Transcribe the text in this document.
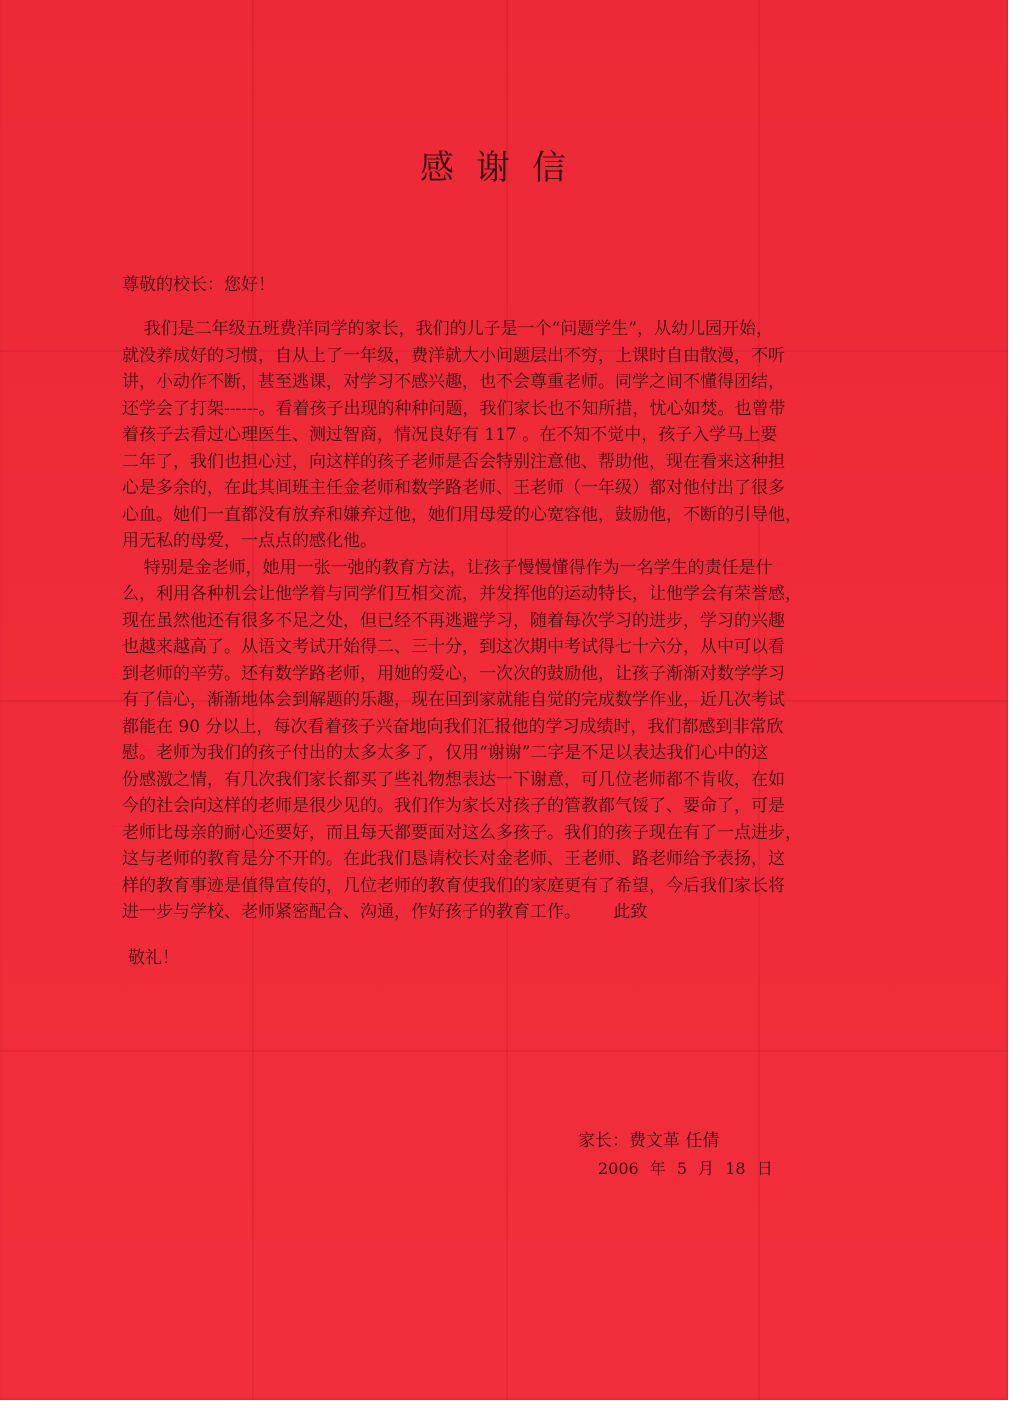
感谢信
尊敬的校长：您好！
我们是二年级五班费洋同学的家长，我们的儿子是一个“问题学生”，从幼儿园开始，
就没养成好的习惯，自从上了一年级，费洋就大小问题层出不穷，上课时自由散漫，不听
讲，小动作不断，甚至逃课，对学习不感兴趣，也不会尊重老师。同学之间不懂得团结，
还学会了打架------。看着孩子出现的种种问题，我们家长也不知所措，忧心如焚。也曾带
着孩子去看过心理医生、测过智商，情况良好有 117 。在不知不觉中，孩子入学马上要
二年了，我们也担心过，向这样的孩子老师是否会特别注意他、帮助他，现在看来这种担
心是多余的，在此其间班主任金老师和数学路老师、王老师（一年级）都对他付出了很多
心血。她们一直都没有放弃和嫌弃过他，她们用母爱的心宽容他，鼓励他，不断的引导他，
用无私的母爱，一点点的感化他。
特别是金老师，她用一张一弛的教育方法，让孩子慢慢懂得作为一名学生的责任是什
么，利用各种机会让他学着与同学们互相交流，并发挥他的运动特长，让他学会有荣誉感，
现在虽然他还有很多不足之处，但已经不再逃避学习，随着每次学习的进步，学习的兴趣
也越来越高了。从语文考试开始得二、三十分，到这次期中考试得七十六分，从中可以看
到老师的辛劳。还有数学路老师，用她的爱心，一次次的鼓励他，让孩子渐渐对数学学习
有了信心，渐渐地体会到解题的乐趣，现在回到家就能自觉的完成数学作业，近几次考试
都能在 90 分以上，每次看着孩子兴奋地向我们汇报他的学习成绩时，我们都感到非常欣
慰。老师为我们的孩子付出的太多太多了，仅用“谢谢”二字是不足以表达我们心中的这
份感激之情，有几次我们家长都买了些礼物想表达一下谢意，可几位老师都不肯收，在如
今的社会向这样的老师是很少见的。我们作为家长对孩子的管教都气馁了、要命了，可是
老师比母亲的耐心还要好，而且每天都要面对这么多孩子。我们的孩子现在有了一点进步，
这与老师的教育是分不开的。在此我们恳请校长对金老师、王老师、路老师给予表扬，这
样的教育事迹是值得宣传的，几位老师的教育使我们的家庭更有了希望，今后我们家长将
进一步与学校、老师紧密配合、沟通，作好孩子的教育工作。      此致
敬礼！
家长：费文革 任倩
2006 年 5 月 18 日
